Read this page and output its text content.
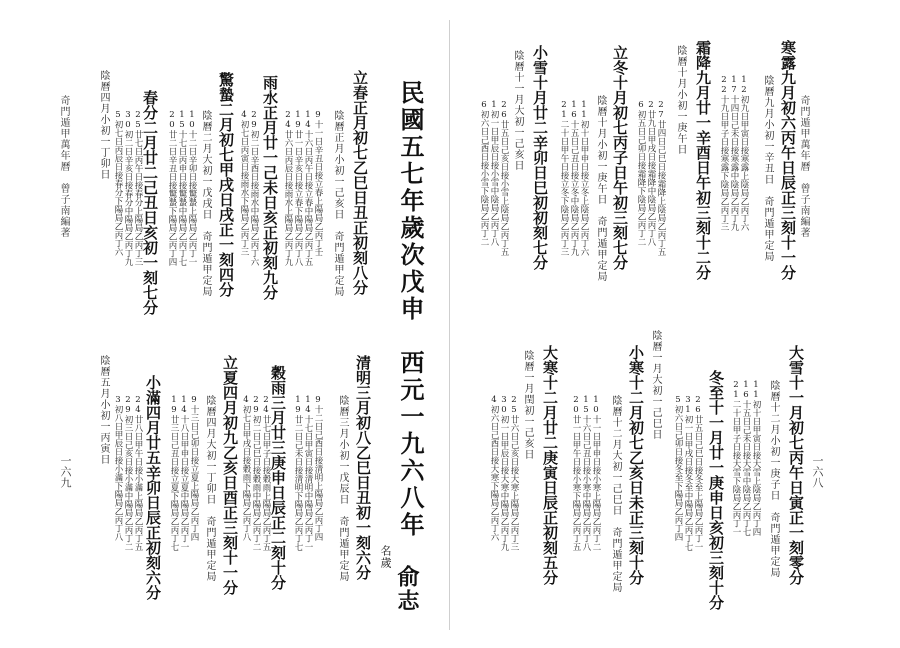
奇門遁甲萬年曆　曾子南編著	立春正月初七乙巳日丑正初刻八分
陰曆正月小初一己亥日　奇門遁甲定局
9十一日辛丑日接立春上陽局乙丙丁壬
14十六日丙午日接立春中陽局乙丙丁五
19廿一日辛亥日接立春下陽局乙丙丁八
24廿六日丙辰日接雨水上陽局乙丙丁九
雨水正月廿一己未日亥正初刻九分
29初二日辛酉日接雨水中陽局乙丙丁六
4初七日丙寅日接雨水下陽局乙丙丁三
驚蟄二月初七甲戌日戌正一刻四分
陰曆二月大初一戊戌日　奇門遁甲定局
10十二日辛卯日接驚蟄上陽局乙丙丁一
15十七日丙申日接驚蟄中陽局乙丙丁七
20廿二日辛丑日接驚蟄下陽局乙丙丁四
春分二月廿二己丑日亥初一刻七分
陰曆四月小初一丁卯日	25廿七日丙午日接春分上陽局乙丙丁三
30初二日辛亥日接春分中陽局乙丙丁九
5初七日丙辰日接春分下陽局乙丙丁六	民國五七年歲次戊申
西元一九六八年
名歲
俞志
清明三月初八乙巳日丑初一刻六分
陰曆三月小初一戊辰日　奇門遁甲定局
9十二日己酉日接清明上陽局乙丙丁四
14十七日甲寅日接清明中陽局乙丙丁一
19廿二日己未日接清明下陽局乙丙丁七
穀雨三月廿三庚申日辰正二刻十分
24廿七日甲子日接穀雨上陽局乙丙丁五
29初二日己巳日接穀雨中陽局乙丙丁二
4初七日甲戌日接穀雨下陽局乙丙丁八
立夏四月初九乙亥日酉正三刻十一分
陰曆四月大初一丁卯日　奇門遁甲定局
9十三日己卯日接立夏上陽局乙丙丁四
14十八日甲申日接立夏中陽局乙丙丁一
19廿三日己丑日接立夏下陽局乙丙丁七
小滿四月廿五辛卯日辰正初刻六分
陰曆五月小初一丙寅日	24廿八日甲午日接小滿上陽局乙丙丁五
29初三日己亥日接小滿中陽局乙丙丁二
3初八日甲辰日接小滿下陽局乙丙丁八
一六九
奇門遁甲萬年曆　曾子南編著
寒露九月初六丙午日辰正三刻十一分
陰曆九月小初一辛丑日　奇門遁甲定局
12初九日甲寅日接寒露上陰局乙丙丁六
17十四日己未日接寒露中陰局乙丙丁九
22十九日甲子日接寒露下陰局乙丙丁三
霜降九月廿一辛酉日午初三刻十二分
陰曆十月小初一庚午日
27廿四日己巳日接霜降上陰局乙丙丁五
2廿九日甲戌日接霜降中陰局乙丙丁八
6初五日己卯日接霜降下陰局乙丙丁二
立冬十月初七丙子日午初三刻七分
陰曆十月小初一庚午日　奇門遁甲定局
11初十日甲申日接立冬上陰局乙丙丁六
16十五日己丑日接立冬中陰局乙丙丁九
21二十日甲午日接立冬下陰局乙丙丁三
小雪十月廿二辛卯日巳初初刻七分
陰曆十一月大初一己亥日
26廿五日己亥日接小雪上陰局乙丙丁五
1初一日甲辰日接小雪中陰局乙丙丁八
6初六日己酉日接小雪下陰局乙丙丁二
一六八
大雪十一月初七丙午日寅正一刻零分
陰曆十二月小初一庚子日　奇門遁甲定局
11初十日甲寅日接大雪上陰局乙丙丁四
16十五日己未日接大雪中陰局乙丙丁七
21二十日甲子日接大雪下陰局乙丙丁一
冬至十一月廿一庚申日亥初三刻十分
26廿五日己巳日接冬至上陽局乙丙丁一
31初一日甲戌日接冬至中陽局乙丙丁七
5初六日己卯日接冬至下陽局乙丙丁四
陰曆一月大初一己巳日
小寒十二月初七乙亥日未正三刻十分
陰曆十二月大初一己巳日　奇門遁甲定局
10十一日甲申日接小寒上陽局乙丙丁二
15十六日己丑日接小寒中陽局乙丙丁八
20廿一日甲午日接小寒下陽局乙丙丁五
大寒十二月廿二庚寅日辰正初刻五分
陰曆一月閏初一己亥日
25廿六日己亥日接大寒上陽局乙丙丁三
30初一日甲辰日接大寒中陽局乙丙丁九
4初六日己酉日接大寒下陽局乙丙丁六
